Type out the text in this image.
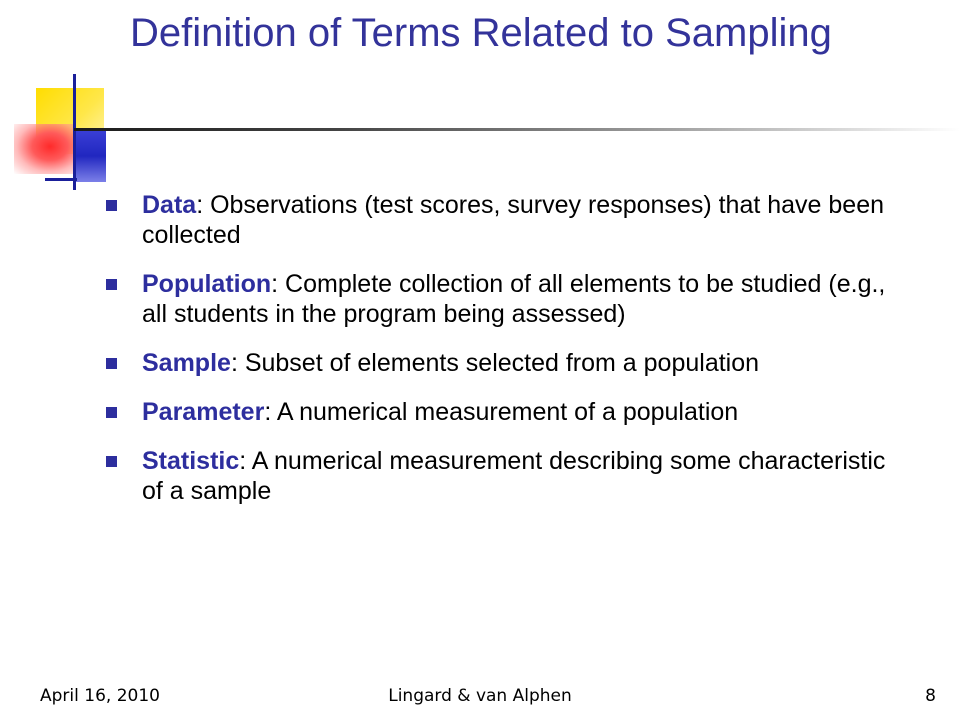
Definition of Terms Related to Sampling
Data: Observations (test scores, survey responses) that have been collected
Population: Complete collection of all elements to be studied (e.g., all students in the program being assessed)
Sample: Subset of elements selected from a population
Parameter: A numerical measurement of a population
Statistic: A numerical measurement describing some characteristic of a sample
April 16, 2010	Lingard & van Alphen	8
